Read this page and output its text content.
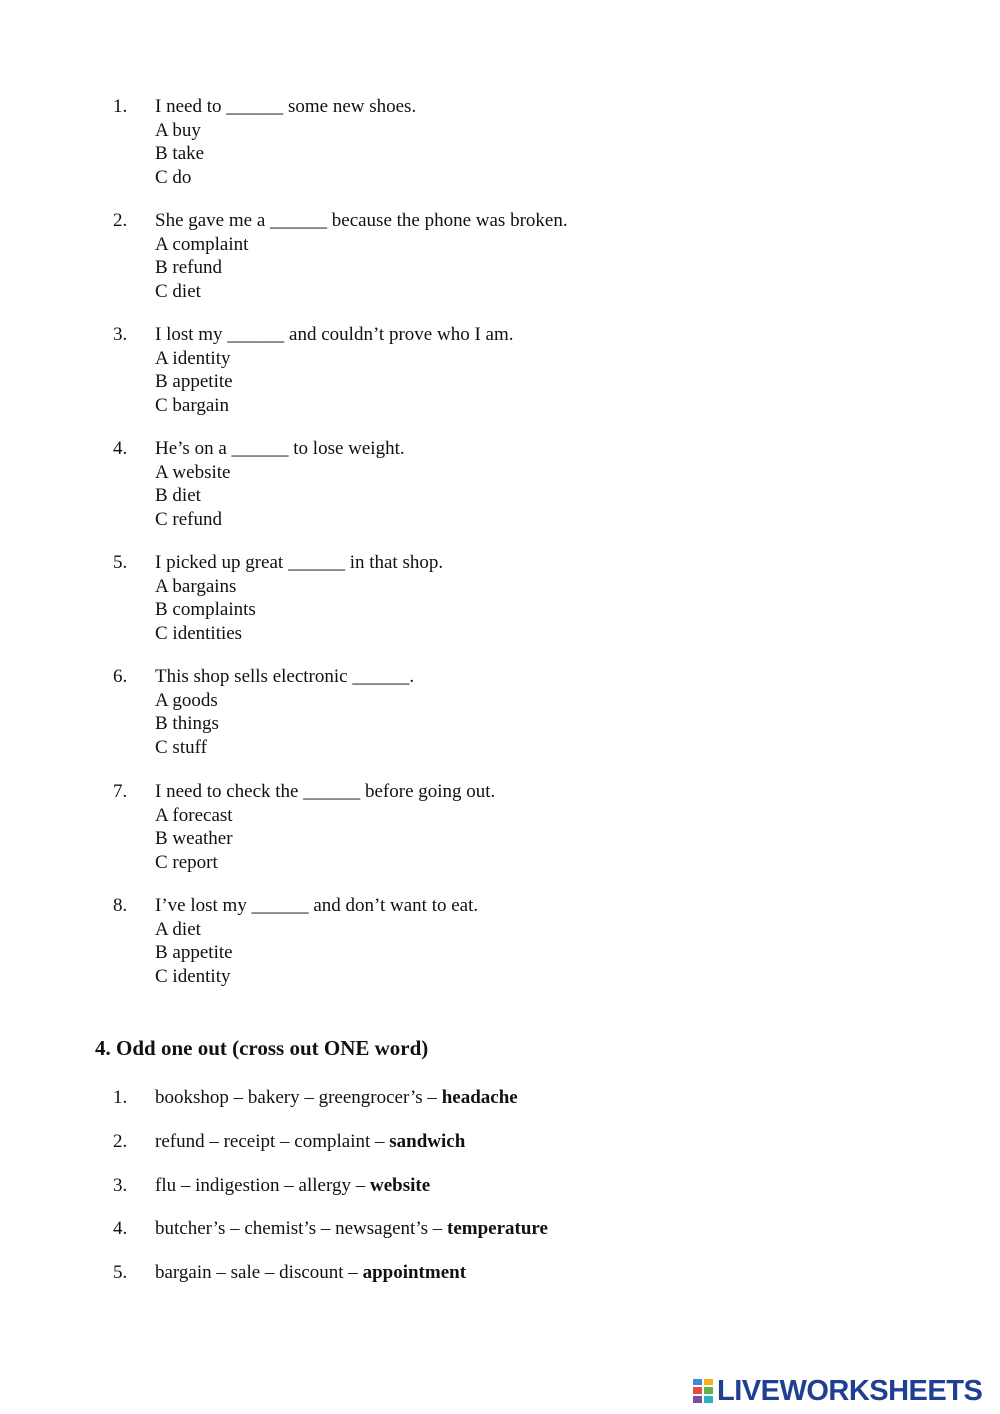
1.	I need to ______ some new shoes.
A buy
B take
C do
2.	She gave me a ______ because the phone was broken.
A complaint
B refund
C diet
3.	I lost my ______ and couldn’t prove who I am.
A identity
B appetite
C bargain
4.	He’s on a ______ to lose weight.
A website
B diet
C refund
5.	I picked up great ______ in that shop.
A bargains
B complaints
C identities
6.	This shop sells electronic ______.
A goods
B things
C stuff
7.	I need to check the ______ before going out.
A forecast
B weather
C report
8.	I’ve lost my ______ and don’t want to eat.
A diet
B appetite
C identity
4. Odd one out (cross out ONE word)
1.	bookshop – bakery – greengrocer’s – headache
2.	refund – receipt – complaint – sandwich
3.	flu – indigestion – allergy – website
4.	butcher’s – chemist’s – newsagent’s – temperature
5.	bargain – sale – discount – appointment
LIVEWORKSHEETS
